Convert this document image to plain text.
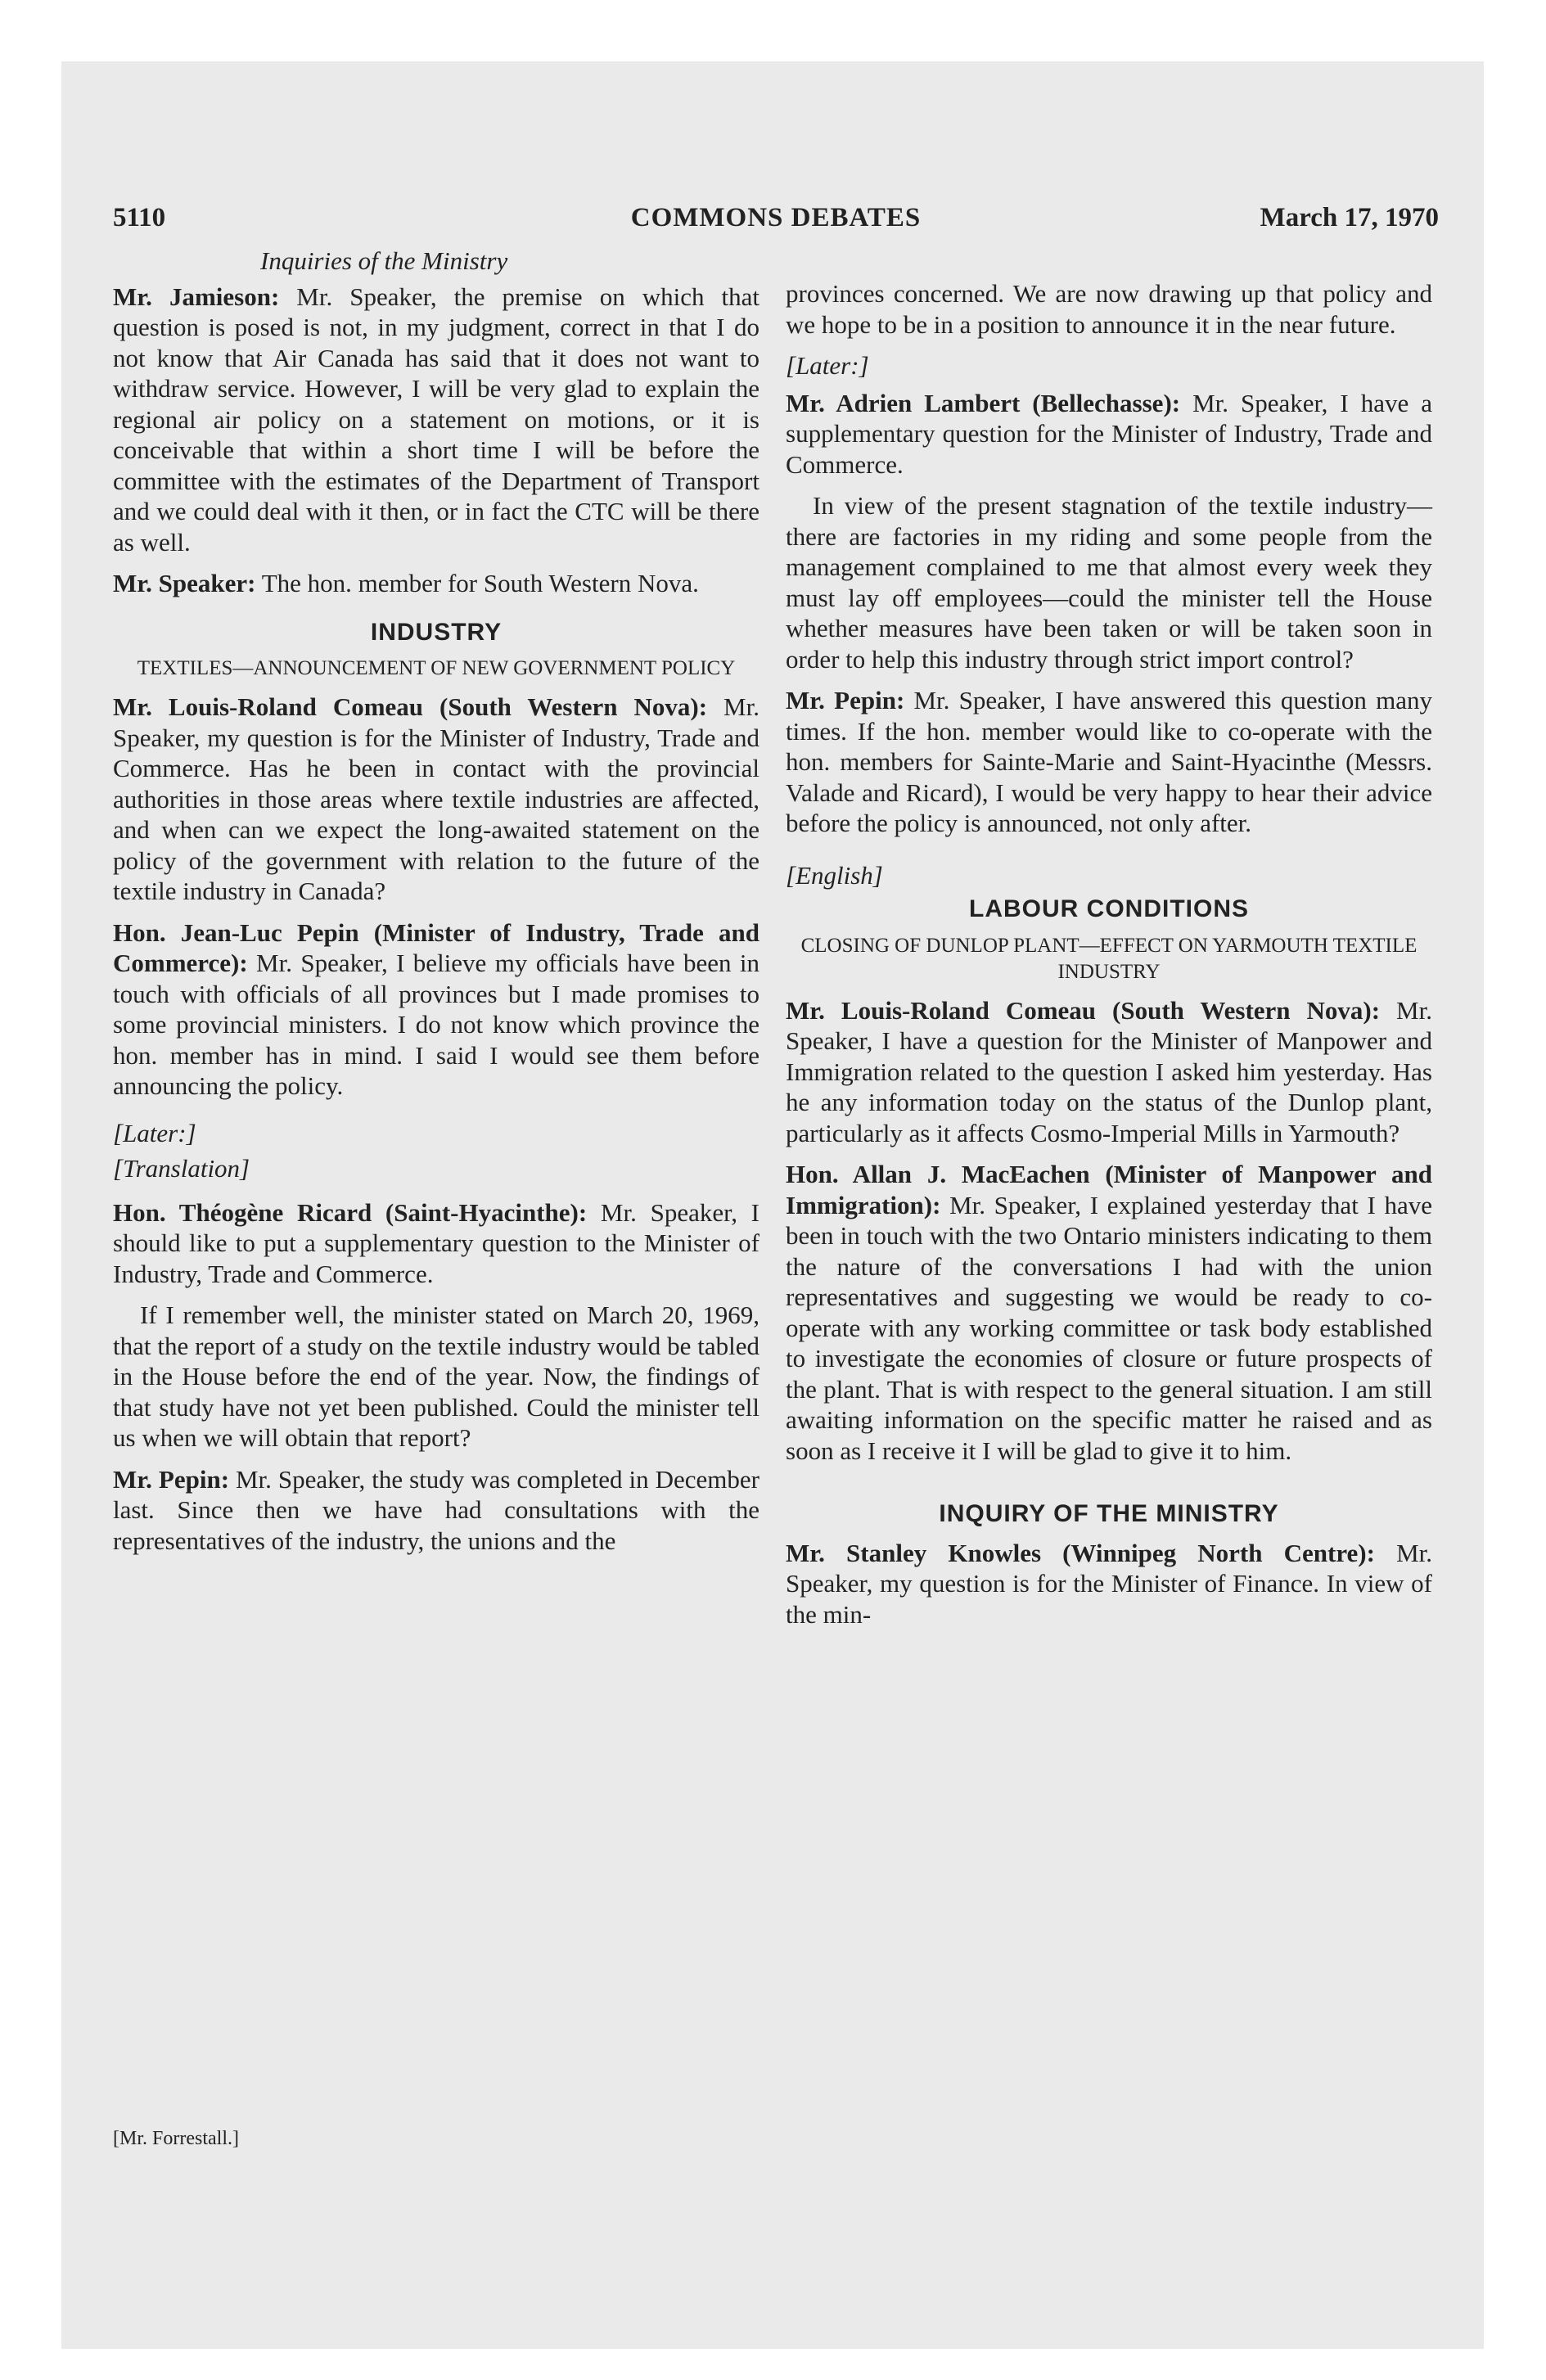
5110	COMMONS DEBATES	March 17, 1970

Inquiries of the Ministry

Mr. Jamieson: Mr. Speaker, the premise on which that question is posed is not, in my judgment, correct in that I do not know that Air Canada has said that it does not want to withdraw service. However, I will be very glad to explain the regional air policy on a statement on motions, or it is conceivable that within a short time I will be before the committee with the estimates of the Department of Transport and we could deal with it then, or in fact the CTC will be there as well.

Mr. Speaker: The hon. member for South Western Nova.

INDUSTRY

TEXTILES—ANNOUNCEMENT OF NEW GOVERNMENT POLICY

Mr. Louis-Roland Comeau (South Western Nova): Mr. Speaker, my question is for the Minister of Industry, Trade and Commerce. Has he been in contact with the provincial authorities in those areas where textile industries are affected, and when can we expect the long-awaited statement on the policy of the government with relation to the future of the textile industry in Canada?

Hon. Jean-Luc Pepin (Minister of Industry, Trade and Commerce): Mr. Speaker, I believe my officials have been in touch with officials of all provinces but I made promises to some provincial ministers. I do not know which province the hon. member has in mind. I said I would see them before announcing the policy.

[Later:]

[Translation]

Hon. Théogène Ricard (Saint-Hyacinthe): Mr. Speaker, I should like to put a supplementary question to the Minister of Industry, Trade and Commerce.

If I remember well, the minister stated on March 20, 1969, that the report of a study on the textile industry would be tabled in the House before the end of the year. Now, the findings of that study have not yet been published. Could the minister tell us when we will obtain that report?

Mr. Pepin: Mr. Speaker, the study was completed in December last. Since then we have had consultations with the representatives of the industry, the unions and the

provinces concerned. We are now drawing up that policy and we hope to be in a position to announce it in the near future.

[Later:]

Mr. Adrien Lambert (Bellechasse): Mr. Speaker, I have a supplementary question for the Minister of Industry, Trade and Commerce.

In view of the present stagnation of the textile industry—there are factories in my riding and some people from the management complained to me that almost every week they must lay off employees—could the minister tell the House whether measures have been taken or will be taken soon in order to help this industry through strict import control?

Mr. Pepin: Mr. Speaker, I have answered this question many times. If the hon. member would like to co-operate with the hon. members for Sainte-Marie and Saint-Hyacinthe (Messrs. Valade and Ricard), I would be very happy to hear their advice before the policy is announced, not only after.

[English]

LABOUR CONDITIONS

CLOSING OF DUNLOP PLANT—EFFECT ON YARMOUTH TEXTILE INDUSTRY

Mr. Louis-Roland Comeau (South Western Nova): Mr. Speaker, I have a question for the Minister of Manpower and Immigration related to the question I asked him yesterday. Has he any information today on the status of the Dunlop plant, particularly as it affects Cosmo-Imperial Mills in Yarmouth?

Hon. Allan J. MacEachen (Minister of Manpower and Immigration): Mr. Speaker, I explained yesterday that I have been in touch with the two Ontario ministers indicating to them the nature of the conversations I had with the union representatives and suggesting we would be ready to co-operate with any working committee or task body established to investigate the economies of closure or future prospects of the plant. That is with respect to the general situation. I am still awaiting information on the specific matter he raised and as soon as I receive it I will be glad to give it to him.

INQUIRY OF THE MINISTRY

Mr. Stanley Knowles (Winnipeg North Centre): Mr. Speaker, my question is for the Minister of Finance. In view of the min-

[Mr. Forrestall.]
